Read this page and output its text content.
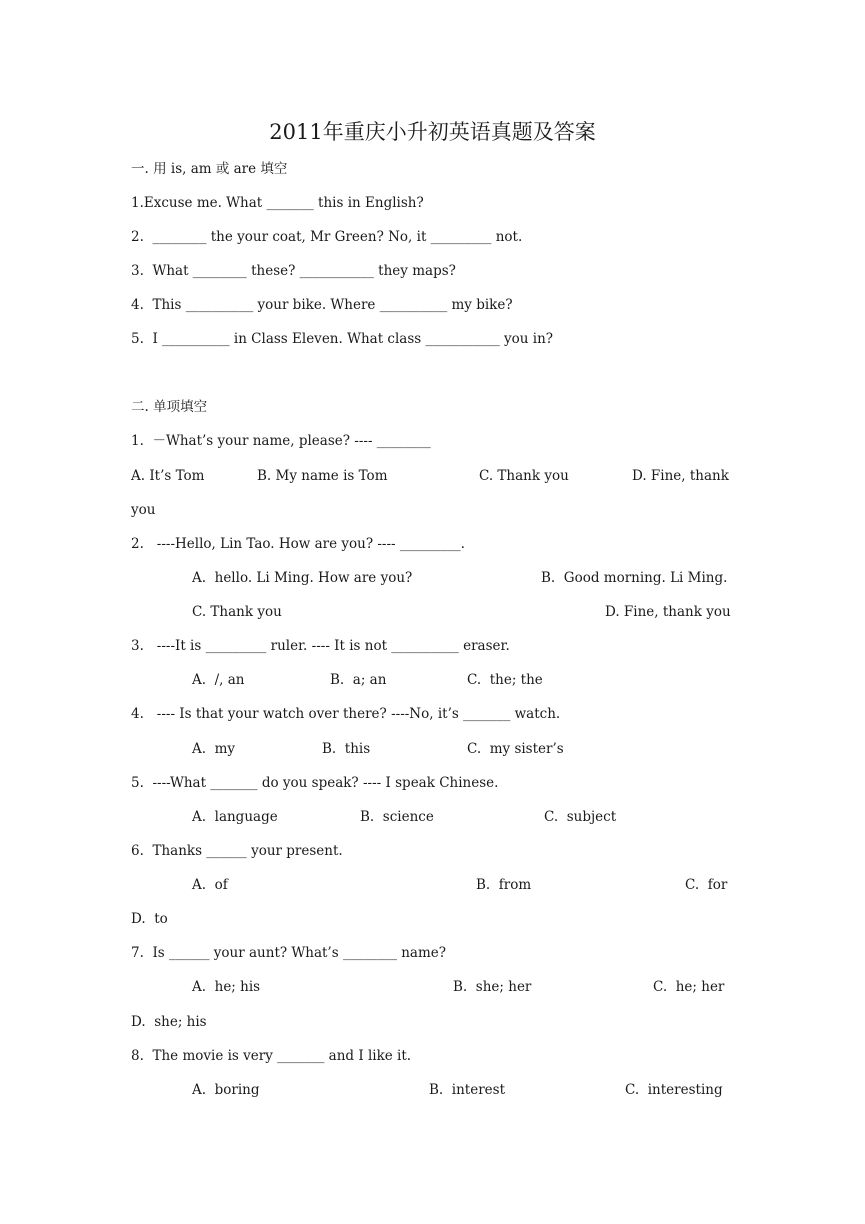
2011年重庆小升初英语真题及答案
一. 用 is, am 或 are 填空
1.Excuse me. What _______ this in English?
2.  ________ the your coat, Mr Green? No, it _________ not.
3.  What ________ these? ___________ they maps?
4.  This __________ your bike. Where __________ my bike?
5.  I __________ in Class Eleven. What class ___________ you in?
二. 单项填空
1.  －What’s your name, please? ---- ________
A. It’s Tom	B. My name is Tom	C. Thank you	D. Fine, thank
you
2.   ----Hello, Lin Tao. How are you? ---- _________.
A.  hello. Li Ming. How are you?	B.  Good morning. Li Ming.
C. Thank you	D. Fine, thank you
3.   ----It is _________ ruler. ---- It is not __________ eraser.
A.  /, an	B.  a; an	C.  the; the
4.   ---- Is that your watch over there? ----No, it’s _______ watch.
A.  my	B.  this	C.  my sister’s
5.  ----What _______ do you speak? ---- I speak Chinese.
A.  language	B.  science	C.  subject
6.  Thanks ______ your present.
A.  of	B.  from	C.  for
D.  to
7.  Is ______ your aunt? What’s ________ name?
A.  he; his	B.  she; her	C.  he; her
D.  she; his
8.  The movie is very _______ and I like it.
A.  boring	B.  interest	C.  interesting
